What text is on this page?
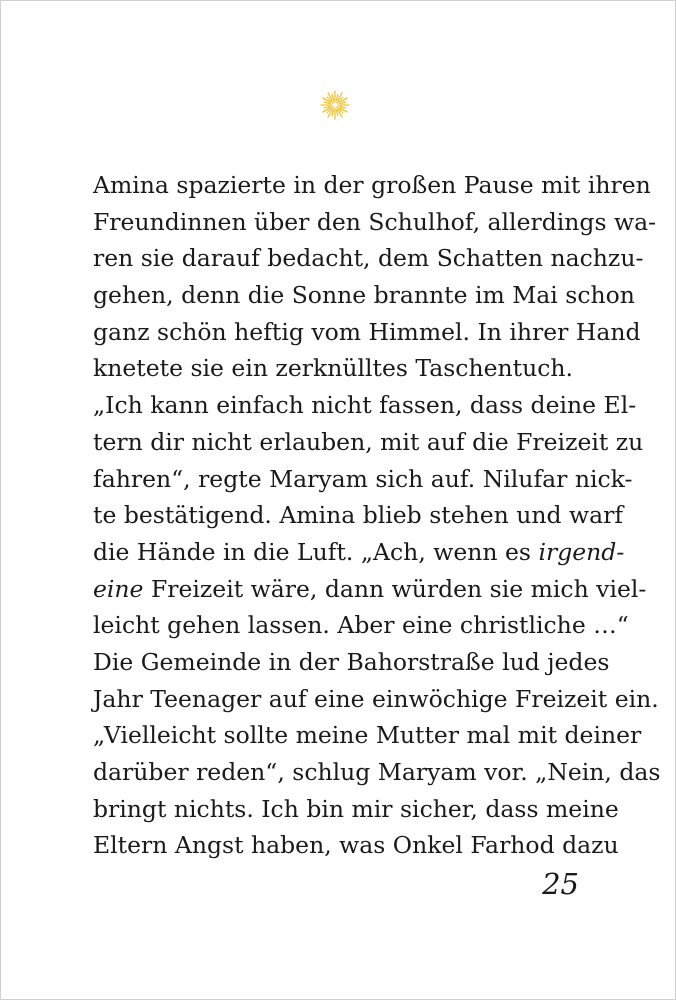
Amina spazierte in der großen Pause mit ihren
Freundinnen über den Schulhof, allerdings wa-
ren sie darauf bedacht, dem Schatten nachzu-
gehen, denn die Sonne brannte im Mai schon
ganz schön heftig vom Himmel. In ihrer Hand
knetete sie ein zerknülltes Taschentuch.
„Ich kann einfach nicht fassen, dass deine El-
tern dir nicht erlauben, mit auf die Freizeit zu
fahren“, regte Maryam sich auf. Nilufar nick-
te bestätigend. Amina blieb stehen und warf
die Hände in die Luft. „Ach, wenn es irgend-
eine Freizeit wäre, dann würden sie mich viel-
leicht gehen lassen. Aber eine christliche …“
Die Gemeinde in der Bahorstraße lud jedes
Jahr Teenager auf eine einwöchige Freizeit ein.
„Vielleicht sollte meine Mutter mal mit deiner
darüber reden“, schlug Maryam vor. „Nein, das
bringt nichts. Ich bin mir sicher, dass meine
Eltern Angst haben, was Onkel Farhod dazu
25
